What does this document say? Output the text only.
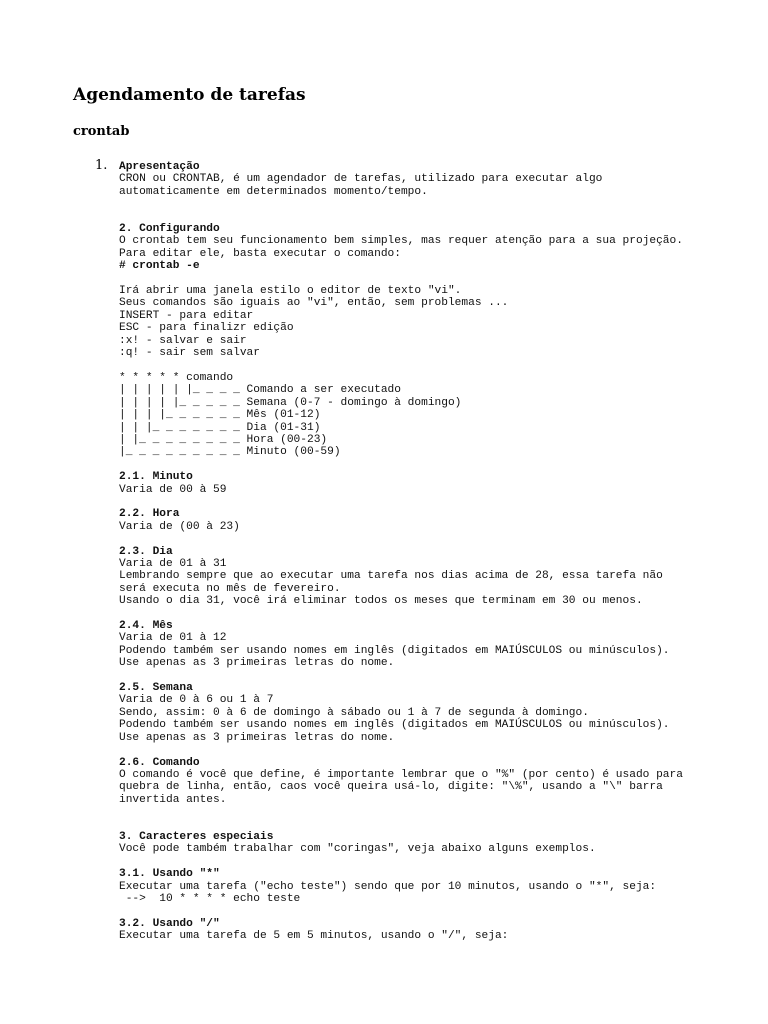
Agendamento de tarefas
crontab
1. Apresentação
CRON ou CRONTAB, é um agendador de tarefas, utilizado para executar algo
automaticamente em determinados momento/tempo.

2. Configurando
O crontab tem seu funcionamento bem simples, mas requer atenção para a sua projeção.
Para editar ele, basta executar o comando:
# crontab -e

Irá abrir uma janela estilo o editor de texto "vi".
Seus comandos são iguais ao "vi", então, sem problemas ...
INSERT - para editar
ESC - para finalizr edição
:x! - salvar e sair
:q! - sair sem salvar

* * * * * comando
| | | | | |_ _ _ _ Comando a ser executado
| | | | |_ _ _ _ _ Semana (0-7 - domingo à domingo)
| | | |_ _ _ _ _ _ Mês (01-12)
| | |_ _ _ _ _ _ _ Dia (01-31)
| |_ _ _ _ _ _ _ _ Hora (00-23)
|_ _ _ _ _ _ _ _ _ Minuto (00-59)

2.1. Minuto
Varia de 00 à 59

2.2. Hora
Varia de (00 à 23)

2.3. Dia
Varia de 01 à 31
Lembrando sempre que ao executar uma tarefa nos dias acima de 28, essa tarefa não
será executa no mês de fevereiro.
Usando o dia 31, você irá eliminar todos os meses que terminam em 30 ou menos.

2.4. Mês
Varia de 01 à 12
Podendo também ser usando nomes em inglês (digitados em MAIÚSCULOS ou minúsculos).
Use apenas as 3 primeiras letras do nome.

2.5. Semana
Varia de 0 à 6 ou 1 à 7
Sendo, assim: 0 à 6 de domingo à sábado ou 1 à 7 de segunda à domingo.
Podendo também ser usando nomes em inglês (digitados em MAIÚSCULOS ou minúsculos).
Use apenas as 3 primeiras letras do nome.

2.6. Comando
O comando é você que define, é importante lembrar que o "%" (por cento) é usado para
quebra de linha, então, caos você queira usá-lo, digite: "\%", usando a "\" barra
invertida antes.

3. Caracteres especiais
Você pode também trabalhar com "coringas", veja abaixo alguns exemplos.

3.1. Usando "*"
Executar uma tarefa ("echo teste") sendo que por 10 minutos, usando o "*", seja:
-->  10 * * * * echo teste

3.2. Usando "/"
Executar uma tarefa de 5 em 5 minutos, usando o "/", seja:
